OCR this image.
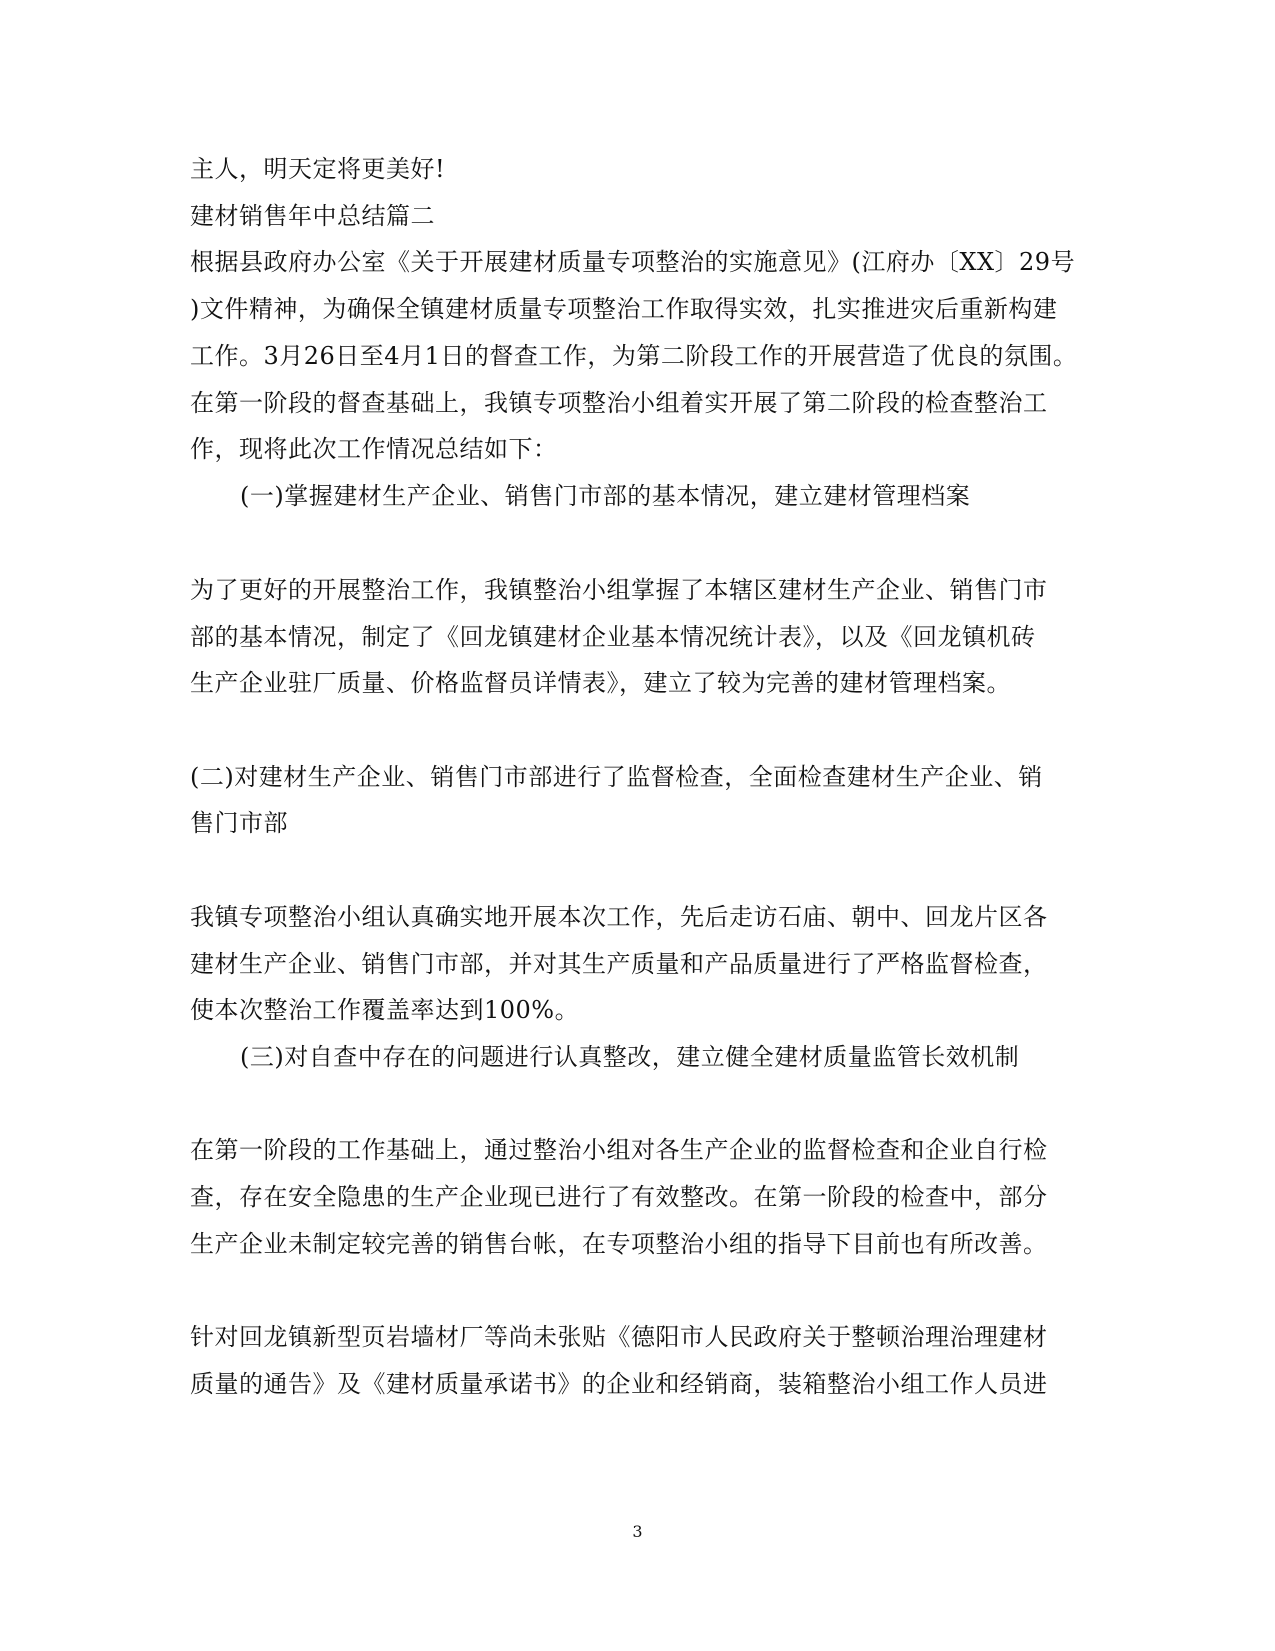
主人，明天定将更美好!
建材销售年中总结篇二
根据县政府办公室《关于开展建材质量专项整治的实施意见》(江府办〔XX〕29号
)文件精神，为确保全镇建材质量专项整治工作取得实效，扎实推进灾后重新构建
工作。3月26日至4月1日的督查工作，为第二阶段工作的开展营造了优良的氛围。
在第一阶段的督查基础上，我镇专项整治小组着实开展了第二阶段的检查整治工
作，现将此次工作情况总结如下：
(一)掌握建材生产企业、销售门市部的基本情况，建立建材管理档案
为了更好的开展整治工作，我镇整治小组掌握了本辖区建材生产企业、销售门市
部的基本情况，制定了《回龙镇建材企业基本情况统计表》，以及《回龙镇机砖
生产企业驻厂质量、价格监督员详情表》，建立了较为完善的建材管理档案。
(二)对建材生产企业、销售门市部进行了监督检查，全面检查建材生产企业、销
售门市部
我镇专项整治小组认真确实地开展本次工作，先后走访石庙、朝中、回龙片区各
建材生产企业、销售门市部，并对其生产质量和产品质量进行了严格监督检查，
使本次整治工作覆盖率达到100%。
(三)对自查中存在的问题进行认真整改，建立健全建材质量监管长效机制
在第一阶段的工作基础上，通过整治小组对各生产企业的监督检查和企业自行检
查，存在安全隐患的生产企业现已进行了有效整改。在第一阶段的检查中，部分
生产企业未制定较完善的销售台帐，在专项整治小组的指导下目前也有所改善。
针对回龙镇新型页岩墙材厂等尚未张贴《德阳市人民政府关于整顿治理治理建材
质量的通告》及《建材质量承诺书》的企业和经销商，装箱整治小组工作人员进
3
